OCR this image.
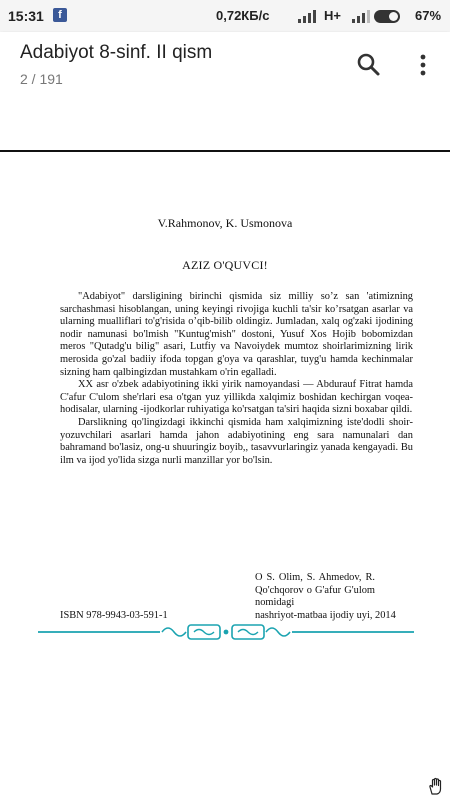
15:31	f	0,72КБ/с	H+	67%
Adabiyot 8-sinf. II qism
2 / 191
V.Rahmonov, K. Usmonova
AZIZ O'QUVCI!

"Adabiyot" darsligining birinchi qismida siz milliy so’z san 'atimizning sarchashmasi hisoblangan, uning keyingi rivojiga kuchli ta'sir ko’rsatgan asarlar va ularning mualliflari to'g'risida o’qib-bilib oldingiz. Jumladan, xalq og'zaki ijodining nodir namunasi bo'lmish "Kuntug'mish" dostoni, Yusuf Xos Hojib bobomizdan meros "Qutadg'u bilig" asari, Lutfiy va Navoiydek mumtoz shoirlarimizning lirik merosida go'zal badiiy ifoda topgan g'oya va qarashlar, tuyg'u hamda kechinmalar sizning ham qalbingizdan mustahkam o'rin egalladi.

XX asr o'zbek adabiyotining ikki yirik namoyandasi — Abdurauf Fitrat hamda C'afur C'ulom she'rlari esa o'tgan yuz yillikda xalqimiz boshidan kechirgan voqea-hodisalar, ularning -ijodkorlar ruhiyatiga ko'rsatgan ta'siri haqida sizni boxabar qildi.

Darslikning qo'lingizdagi ikkinchi qismida ham xalqimizning iste'dodli shoir-yozuvchilari asarlari hamda jahon adabiyotining eng sara namunalari dan bahramand bo'lasiz, ong-u shuuringiz boyib,, tasavvurlaringiz yanada kengayadi. Bu ilm va ijod yo'lida sizga nurli manzillar yor bo'lsin.

O S. Olim, S. Ahmedov, R. Qo'chqorov o G'afur G'ulom nomidagi
ISBN 978-9943-03-591-1	nashriyot-matbaa ijodiy uyi, 2014
